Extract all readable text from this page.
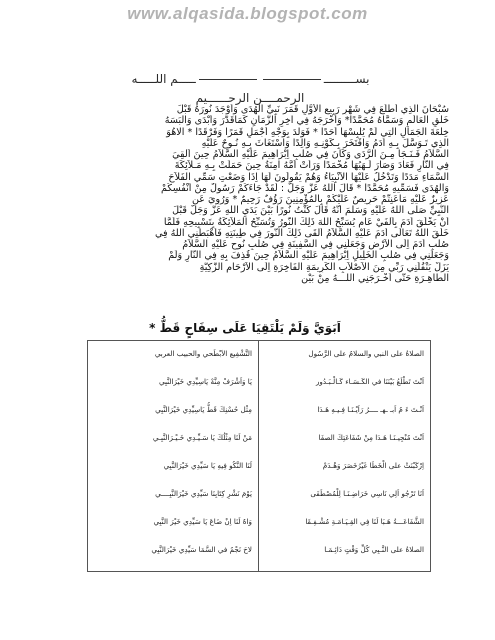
www.alqasida.blogspot.com
بســــــــــــــم اللـــــه
الرحمــــن الرحــــــيم
سُبْحَانَ الَّذِي اَطْلَعَ فِي شَهْرِ رَبِيعِ الأوَّلِ قَمَرَ نَبِيِّ الْهُدَى وَاَوْجَدَ نُورَهُ قَبْلَ
خَلْقِ الْعَالَمِ وَسَمَّاهُ مُحَمَّدًا* وَاَخْرَجَهُ فِي آخِرِ الزَّمَانِ كَمَاقَدَّرَ وَاَبْدَى وَالْبَسَهُ
خِلْعَةَ الْجَمَالِ الَّتِي لَمْ يُلْبِسْهَا اَحَدًا * فَوَلَّدَ بِوَجْهِ اَجْمَلِ قَمَرًا وَفَرْقَدًا * الاهُوَ
الَّذِي تَـوَسَّلَ بِـهِ اَدَمُ وَافْتَخَرَ بِـكَوْنِـهِ وَالِدًا وَاسْتَغَاثَ بِـهِ نُـوحٌ عَلَيْهِ
السَّلاَمُ فَـنَـجَا مِـنَ الرَّدَى وَكَانَ فِي صُلْبِ اِبْرَاهِيمَ عَلَيْهِ السَّلاَمُ حِينَ اُلْقِيَ
فِي النَّارِ فَعَادَ وَصَارَ لَـهَبُهَا مُخْمَدًا وَرَاَتْ اُمَّهُ آمِنَةُ حِينَ حَمَلَتْ بِـهِ مَـلاَئِكَةَ
السَّمَاءِ مَدَدًا وَتَدْخُلُ عَلَيْهَا الاَنْبِيَاءُ وَهُمْ يَقُولُونَ لَهَا اِذَا وَضَعْتِ سَمِّي الْفَلاَحَ
وَالْهُدَى فَسَمِّيهِ مُحَمَّدًا * قَالَ اللهُ عَزَّ وَجَلَّ : لَقَدْ جَاءَكُمْ رَسُولٌ مِنْ اَنْفُسِكُمْ
عَزِيزٌ عَلَيْهِ مَاعَنِتُّمْ حَرِيصٌ عَلَيْكُمْ بِالْمُؤْمِنِينَ رَؤُفٌ رَحِيمٌ * وَرُوِيَ عَنِ
النَّبِيِّ صَلَّى اللهُ عَلَيْهِ وَسَلَّمَ اَنَّهُ قَالَ كُنْتُ نُورًا بَيْنَ يَدَيِ اللهِ عَزَّ وَجَلَّ قَبْلَ
اَنْ يَخْلُقَ اَدَمَ بِاَلْفَيْ عَامٍ يُسَبِّحُ اللهَ ذَلِكَ النُّورُ وَتُسَبِّحُ الْمَلاَئِكَةُ بِتَسْبِيحِهِ فَلَمَّا
خَلَقَ اللهُ تَعَالَى اَدَمَ عَلَيْهِ السَّلاَمُ اَلْقَى ذَلِكَ النُّورَ فِي طِينَتِهِ فَاَهْبَطَنِي اللهُ فِي
صُلْبِ اَدَمَ اِلَى الاَرْضِ وَجَعَلَنِي فِي السَّفِينَةِ فِي صُلْبِ نُوحٍ عَلَيْهِ السَّلاَمُ
وَجَعَلَنِي فِي صُلْبِ الْخَلِيلِ اِبْرَاهِيمَ عَلَيْهِ السَّلاَمُ حِينَ قُذِفَ بِهِ فِي النَّارِ وَلَمْ
يَزَلْ يَنْقُلُنِي رَبِّي مِنَ الاَصْلاَبِ الْكَرِيمَةِ الْفَاخِرَةِ اِلَى الاَرْحَامِ الزَّكِيَّةِ
الطَّاهِـرَةِ حَتَّى اَخْـرَجَنِي اللّـــهُ مِنْ بَيْنِ
اَبَوَيَّ وَلَمْ يَلْتَقِيَا عَلَى سِفَاحٍ قَطُّ *
الصلاةُ على النبي والسلامُ على الرَّسُول
اَنْتَ تَطْلَعُ بَيْنَنَا في الكَـسَـاء كَـالْـبَـدُور
اَنْـتَ ءَ مُ اَبـ ـهـ ــــرُ رَاَيْـنَـا فِـيـهِ هَـدَا
اَنْتَ مُنْجِيـنَـا هَـدَا مِنْ شَفَاعَتِكَ الصفَا
اِرْكَبْنَتْ على الْخَطَا غَيْرُخَصَرَ وَهْـدَمْ
اَنَا تَرْجُو اَلِي نَاسِي خَرَاضِـنَـا لِلْمُصْطَفَى
الشَّفَاعَـــةُ هَـبَا لَنَا فِي القِـيَـامَـةِ مُشْـفِـقَا
الصلاةُ على النَّـبِي كُلِّ وَقْتٍ دَائِـمَـا
التَّشْفِيع الاَبْطَحي والحبيب العربي
يَا وَاَشْرَفْ مِنَّهْ يَاسِيِّدِي خَيْرَالنَّبِي
مِثْل حُسْنِكَ قَطُّ يَاسِيِّدِي خَيْرَالنَّبِي
مَنْ لَنَا مِثْلُكَ يَا سَـيِّـدِي خَـيْـرَالنَّبِـي
لَنَا النَّكُو فِيهِ يَا سَيِّدِي خَيْرَالنَّبِي
يَوْمَ نَشْرِ كِتَابِنَا سَيِّدِي خَيْرَالنَّبِــــي
وَاهٌ لَنَا اِنْ ضَاعَ يَا سَيِّدِي خَيْرَ النَّبِي
لاحَ نَجْمُ في السَّمَا سَيِّدِي خَيْرَالنَّبِي
